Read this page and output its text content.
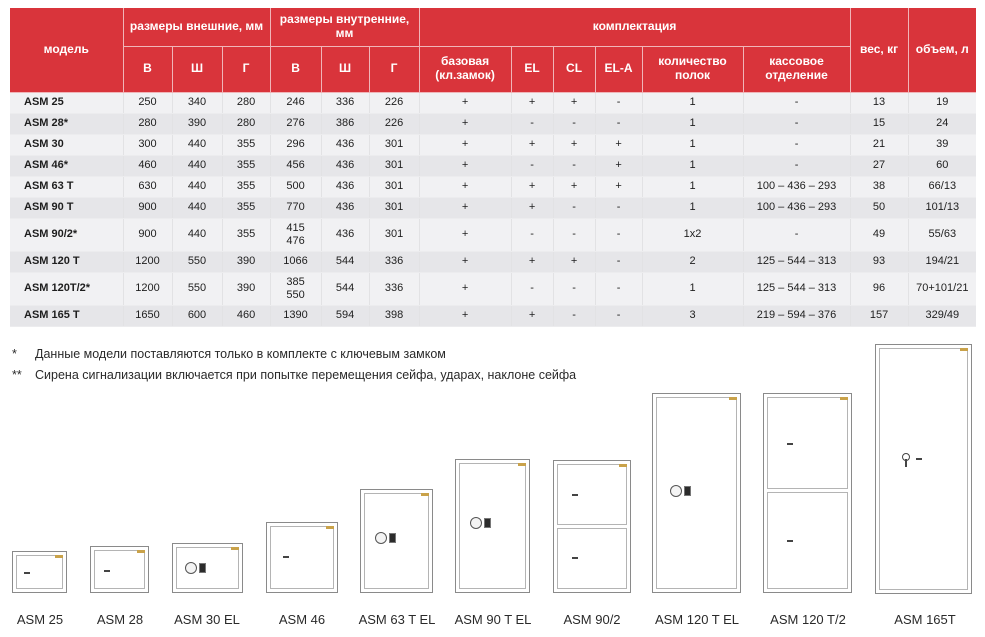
модель	размеры внешние, мм			размеры внутренние, мм			комплектация						вес, кг	объем, л
	В	Ш	Г	В	Ш	Г	базовая (кл.замок)	EL	CL	EL-A	количество полок	кассовое отделение		
ASM 25	250	340	280	246	336	226	+	+	+	-	1	-	13	19
ASM 28*	280	390	280	276	386	226	+	-	-	-	1	-	15	24
ASM 30	300	440	355	296	436	301	+	+	+	+	1	-	21	39
ASM 46*	460	440	355	456	436	301	+	-	-	+	1	-	27	60
ASM 63 T	630	440	355	500	436	301	+	+	+	+	1	100 – 436 – 293	38	66/13
ASM 90 T	900	440	355	770	436	301	+	+	-	-	1	100 – 436 – 293	50	101/13
ASM 90/2*	900	440	355	415
476	436	301	+	-	-	-	1x2	-	49	55/63
ASM 120 T	1200	550	390	1066	544	336	+	+	+	-	2	125 – 544 – 313	93	194/21
ASM 120T/2*	1200	550	390	385
550	544	336	+	-	-	-	1	125 – 544 – 313	96	70+101/21
ASM 165 T	1650	600	460	1390	594	398	+	+	-	-	3	219 – 594 – 376	157	329/49
* Данные модели поставляются только в комплекте с ключевым замком
** Сирена сигнализации включается при попытке перемещения сейфа, ударах, наклоне сейфа
ASM 25	ASM 28 ASM 30 EL	ASM 46	ASM 63 T EL ASM 90 T EL ASM 90/2	ASM 120 T EL ASM 120 T/2	ASM 165T
